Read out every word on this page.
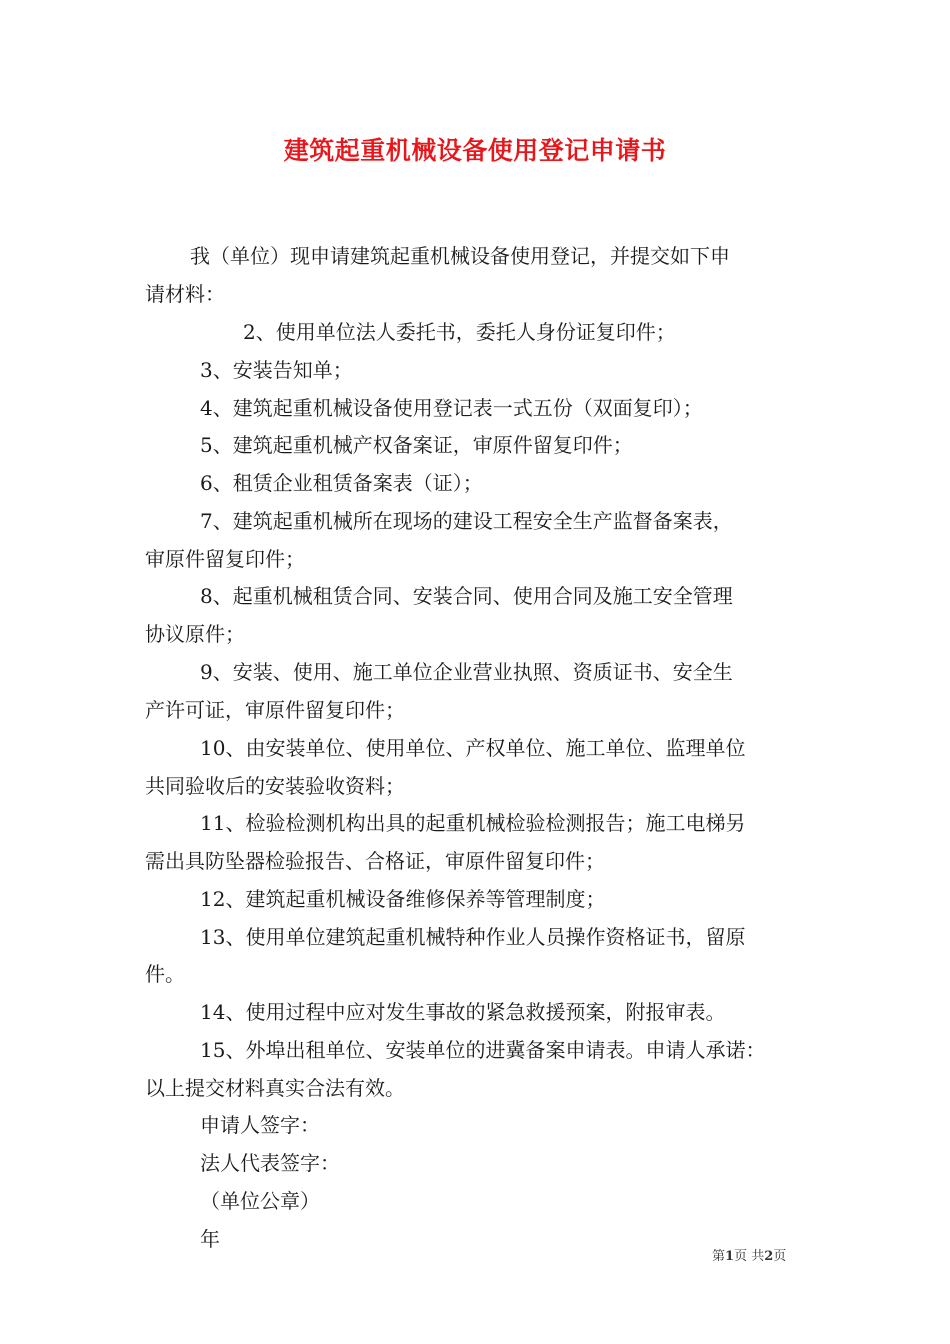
建筑起重机械设备使用登记申请书
我（单位）现申请建筑起重机械设备使用登记，并提交如下申
请材料：
2、使用单位法人委托书，委托人身份证复印件；
3、安装告知单；
4、建筑起重机械设备使用登记表一式五份（双面复印）；
5、建筑起重机械产权备案证，审原件留复印件；
6、租赁企业租赁备案表（证）；
7、建筑起重机械所在现场的建设工程安全生产监督备案表，
审原件留复印件；
8、起重机械租赁合同、安装合同、使用合同及施工安全管理
协议原件；
9、安装、使用、施工单位企业营业执照、资质证书、安全生
产许可证，审原件留复印件；
10、由安装单位、使用单位、产权单位、施工单位、监理单位
共同验收后的安装验收资料；
11、检验检测机构出具的起重机械检验检测报告；施工电梯另
需出具防坠器检验报告、合格证，审原件留复印件；
12、建筑起重机械设备维修保养等管理制度；
13、使用单位建筑起重机械特种作业人员操作资格证书，留原
件。
14、使用过程中应对发生事故的紧急救援预案，附报审表。
15、外埠出租单位、安装单位的进冀备案申请表。申请人承诺：
以上提交材料真实合法有效。
申请人签字：
法人代表签字：
（单位公章）
年
第1页 共2页
